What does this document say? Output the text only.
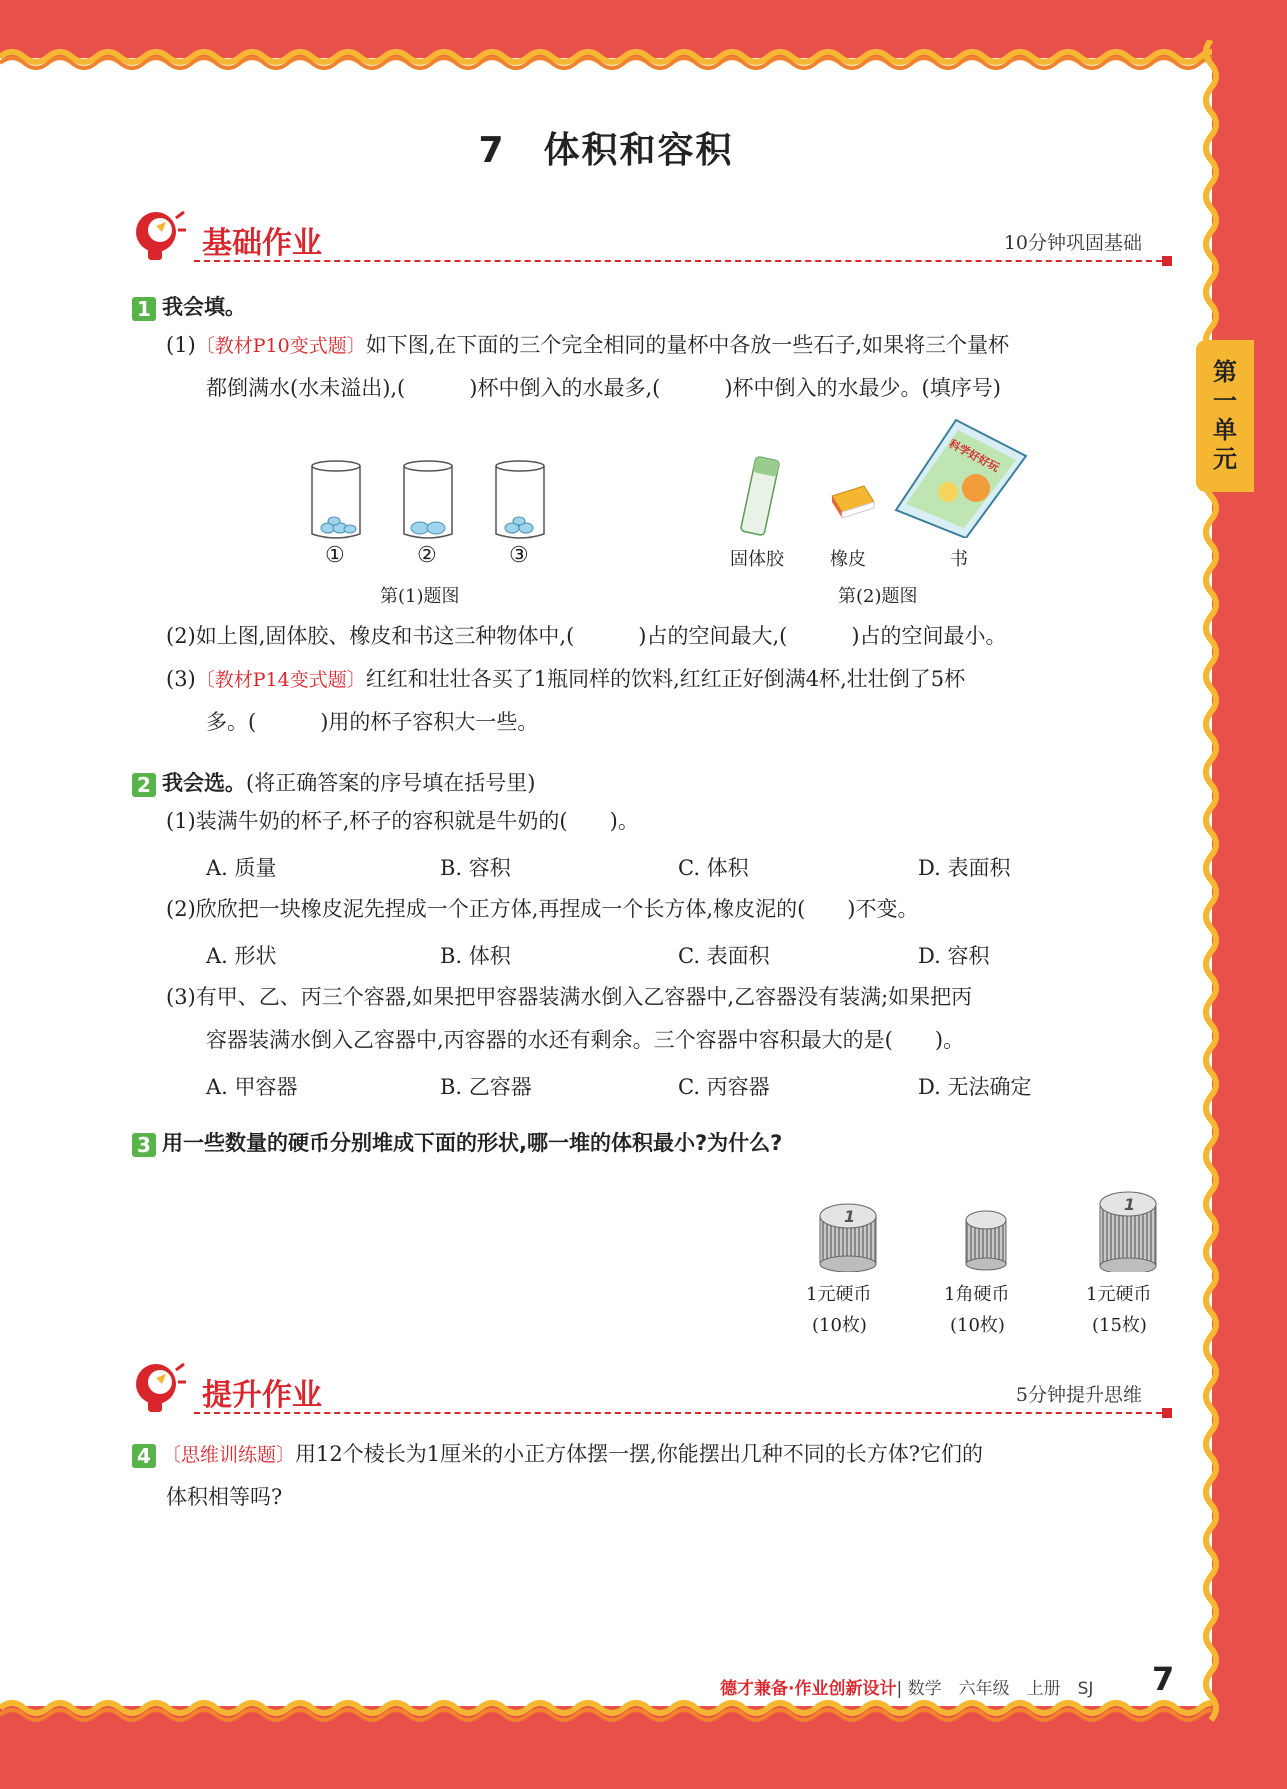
第一单元
7　体积和容积
基础作业	10分钟巩固基础
1 我会填。
(1)〔教材P10变式题〕如下图,在下面的三个完全相同的量杯中各放一些石子,如果将三个量杯
都倒满水(水未溢出),(	)杯中倒入的水最多,(	)杯中倒入的水最少。(填序号)
①	②	③
第(1)题图
科学好好玩
固体胶	橡皮	书
第(2)题图
(2)如上图,固体胶、橡皮和书这三种物体中,(	)占的空间最大,(	)占的空间最小。
(3)〔教材P14变式题〕红红和壮壮各买了1瓶同样的饮料,红红正好倒满4杯,壮壮倒了5杯
多。(	)用的杯子容积大一些。
2 我会选。(将正确答案的序号填在括号里)
(1)装满牛奶的杯子,杯子的容积就是牛奶的( )。
A. 质量	B. 容积	C. 体积	D. 表面积
(2)欣欣把一块橡皮泥先捏成一个正方体,再捏成一个长方体,橡皮泥的( )不变。
A. 形状	B. 体积	C. 表面积	D. 容积
(3)有甲、乙、丙三个容器,如果把甲容器装满水倒入乙容器中,乙容器没有装满;如果把丙
容器装满水倒入乙容器中,丙容器的水还有剩余。三个容器中容积最大的是( )。
A. 甲容器	B. 乙容器	C. 丙容器	D. 无法确定
3 用一些数量的硬币分别堆成下面的形状,哪一堆的体积最小?为什么?
1
1
1元硬币
(10枚)
1角硬币
(10枚)
1元硬币
(15枚)
提升作业	5分钟提升思维
4 〔思维训练题〕用12个棱长为1厘米的小正方体摆一摆,你能摆出几种不同的长方体?它们的
体积相等吗?
德才兼备·作业创新设计| 数学　六年级　上册　SJ 7
